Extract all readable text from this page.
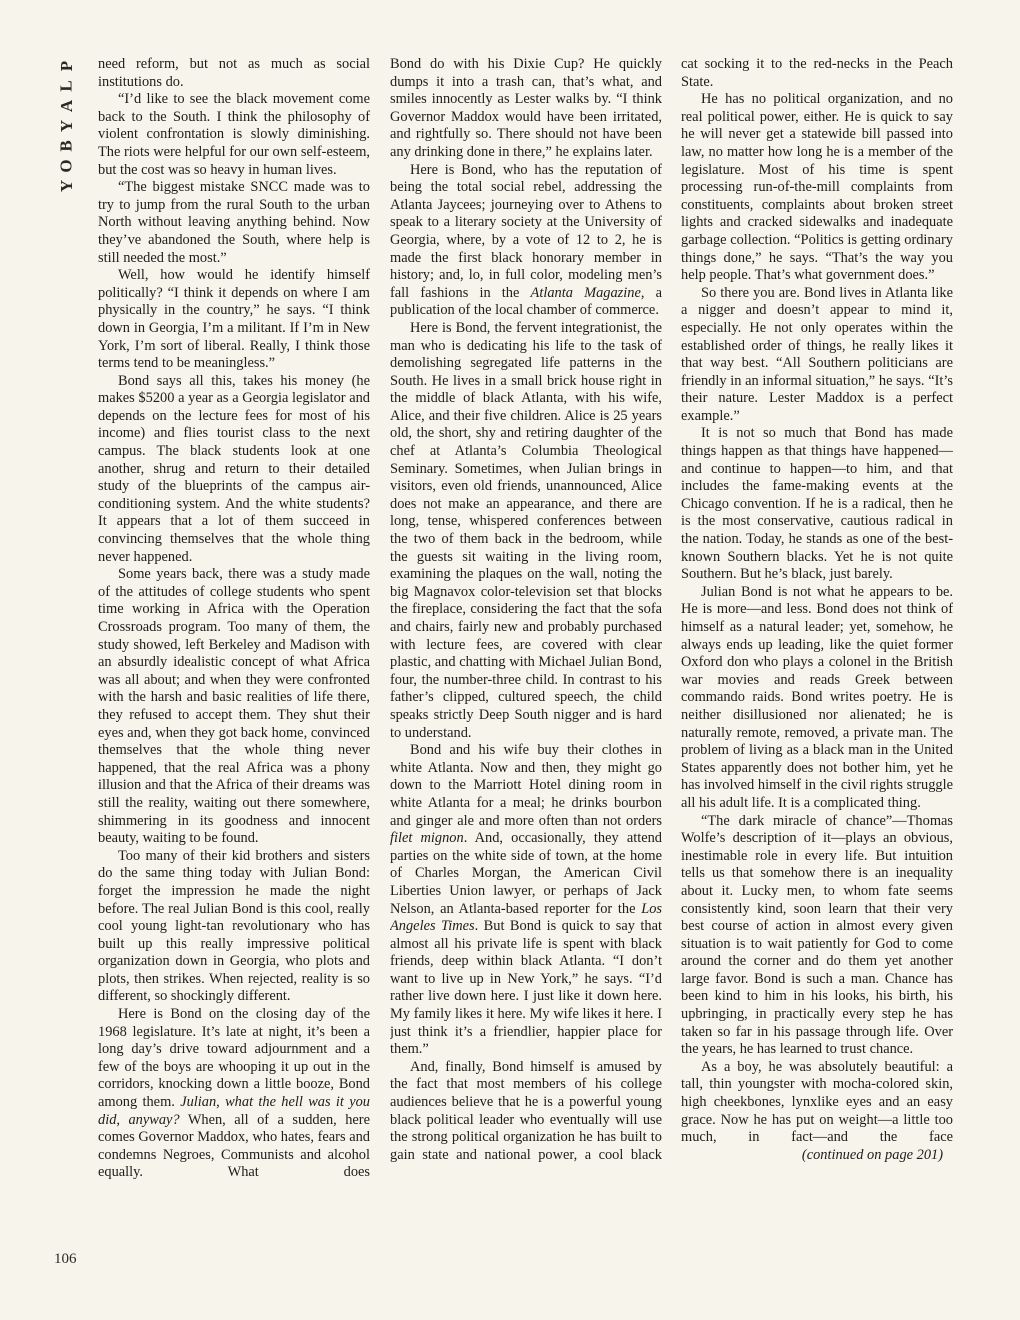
P
L
A
Y
B
O
Y

need reform, but not as much as social institutions do.

“I’d like to see the black movement come back to the South. I think the philosophy of violent confrontation is slowly diminishing. The riots were helpful for our own self-esteem, but the cost was so heavy in human lives.

“The biggest mistake SNCC made was to try to jump from the rural South to the urban North without leaving anything behind. Now they’ve abandoned the South, where help is still needed the most.”

Well, how would he identify himself politically? “I think it depends on where I am physically in the country,” he says. “I think down in Georgia, I’m a militant. If I’m in New York, I’m sort of liberal. Really, I think those terms tend to be meaningless.”

Bond says all this, takes his money (he makes $5200 a year as a Georgia legislator and depends on the lecture fees for most of his income) and flies tourist class to the next campus. The black students look at one another, shrug and return to their detailed study of the blueprints of the campus air-conditioning system. And the white students? It appears that a lot of them succeed in convincing themselves that the whole thing never happened.

Some years back, there was a study made of the attitudes of college students who spent time working in Africa with the Operation Crossroads program. Too many of them, the study showed, left Berkeley and Madison with an absurdly idealistic concept of what Africa was all about; and when they were confronted with the harsh and basic realities of life there, they refused to accept them. They shut their eyes and, when they got back home, convinced themselves that the whole thing never happened, that the real Africa was a phony illusion and that the Africa of their dreams was still the reality, waiting out there somewhere, shimmering in its goodness and innocent beauty, waiting to be found.

Too many of their kid brothers and sisters do the same thing today with Julian Bond: forget the impression he made the night before. The real Julian Bond is this cool, really cool young light-tan revolutionary who has built up this really impressive political organization down in Georgia, who plots and plots, then strikes. When rejected, reality is so different, so shockingly different.

Here is Bond on the closing day of the 1968 legislature. It’s late at night, it’s been a long day’s drive toward adjournment and a few of the boys are whooping it up out in the corridors, knocking down a little booze, Bond among them. Julian, what the hell was it you did, anyway? When, all of a sudden, here comes Governor Maddox, who hates, fears and condemns Negroes, Communists and alcohol equally. What does

Bond do with his Dixie Cup? He quickly dumps it into a trash can, that’s what, and smiles innocently as Lester walks by. “I think Governor Maddox would have been irritated, and rightfully so. There should not have been any drinking done in there,” he explains later.

Here is Bond, who has the reputation of being the total social rebel, addressing the Atlanta Jaycees; journeying over to Athens to speak to a literary society at the University of Georgia, where, by a vote of 12 to 2, he is made the first black honorary member in history; and, lo, in full color, modeling men’s fall fashions in the Atlanta Magazine, a publication of the local chamber of commerce.

Here is Bond, the fervent integrationist, the man who is dedicating his life to the task of demolishing segregated life patterns in the South. He lives in a small brick house right in the middle of black Atlanta, with his wife, Alice, and their five children. Alice is 25 years old, the short, shy and retiring daughter of the chef at Atlanta’s Columbia Theological Seminary. Sometimes, when Julian brings in visitors, even old friends, unannounced, Alice does not make an appearance, and there are long, tense, whispered conferences between the two of them back in the bedroom, while the guests sit waiting in the living room, examining the plaques on the wall, noting the big Magnavox color-television set that blocks the fireplace, considering the fact that the sofa and chairs, fairly new and probably purchased with lecture fees, are covered with clear plastic, and chatting with Michael Julian Bond, four, the number-three child. In contrast to his father’s clipped, cultured speech, the child speaks strictly Deep South nigger and is hard to understand.

Bond and his wife buy their clothes in white Atlanta. Now and then, they might go down to the Marriott Hotel dining room in white Atlanta for a meal; he drinks bourbon and ginger ale and more often than not orders filet mignon. And, occasionally, they attend parties on the white side of town, at the home of Charles Morgan, the American Civil Liberties Union lawyer, or perhaps of Jack Nelson, an Atlanta-based reporter for the Los Angeles Times. But Bond is quick to say that almost all his private life is spent with black friends, deep within black Atlanta. “I don’t want to live up in New York,” he says. “I’d rather live down here. I just like it down here. My family likes it here. My wife likes it here. I just think it’s a friendlier, happier place for them.”

And, finally, Bond himself is amused by the fact that most members of his college audiences believe that he is a powerful young black political leader who eventually will use the strong political organization he has built to gain state and national power, a cool black

cat socking it to the red-necks in the Peach State.

He has no political organization, and no real political power, either. He is quick to say he will never get a statewide bill passed into law, no matter how long he is a member of the legislature. Most of his time is spent processing run-of-the-mill complaints from constituents, complaints about broken street lights and cracked sidewalks and inadequate garbage collection. “Politics is getting ordinary things done,” he says. “That’s the way you help people. That’s what government does.”

So there you are. Bond lives in Atlanta like a nigger and doesn’t appear to mind it, especially. He not only operates within the established order of things, he really likes it that way best. “All Southern politicians are friendly in an informal situation,” he says. “It’s their nature. Lester Maddox is a perfect example.”

It is not so much that Bond has made things happen as that things have happened—and continue to happen—to him, and that includes the fame-making events at the Chicago convention. If he is a radical, then he is the most conservative, cautious radical in the nation. Today, he stands as one of the best-known Southern blacks. Yet he is not quite Southern. But he’s black, just barely.

Julian Bond is not what he appears to be. He is more—and less. Bond does not think of himself as a natural leader; yet, somehow, he always ends up leading, like the quiet former Oxford don who plays a colonel in the British war movies and reads Greek between commando raids. Bond writes poetry. He is neither disillusioned nor alienated; he is naturally remote, removed, a private man. The problem of living as a black man in the United States apparently does not bother him, yet he has involved himself in the civil rights struggle all his adult life. It is a complicated thing.

“The dark miracle of chance”—Thomas Wolfe’s description of it—plays an obvious, inestimable role in every life. But intuition tells us that somehow there is an inequality about it. Lucky men, to whom fate seems consistently kind, soon learn that their very best course of action in almost every given situation is to wait patiently for God to come around the corner and do them yet another large favor. Bond is such a man. Chance has been kind to him in his looks, his birth, his upbringing, in practically every step he has taken so far in his passage through life. Over the years, he has learned to trust chance.

As a boy, he was absolutely beautiful: a tall, thin youngster with mocha-colored skin, high cheekbones, lynxlike eyes and an easy grace. Now he has put on weight—a little too much, in fact—and the face

(continued on page 201)

106
